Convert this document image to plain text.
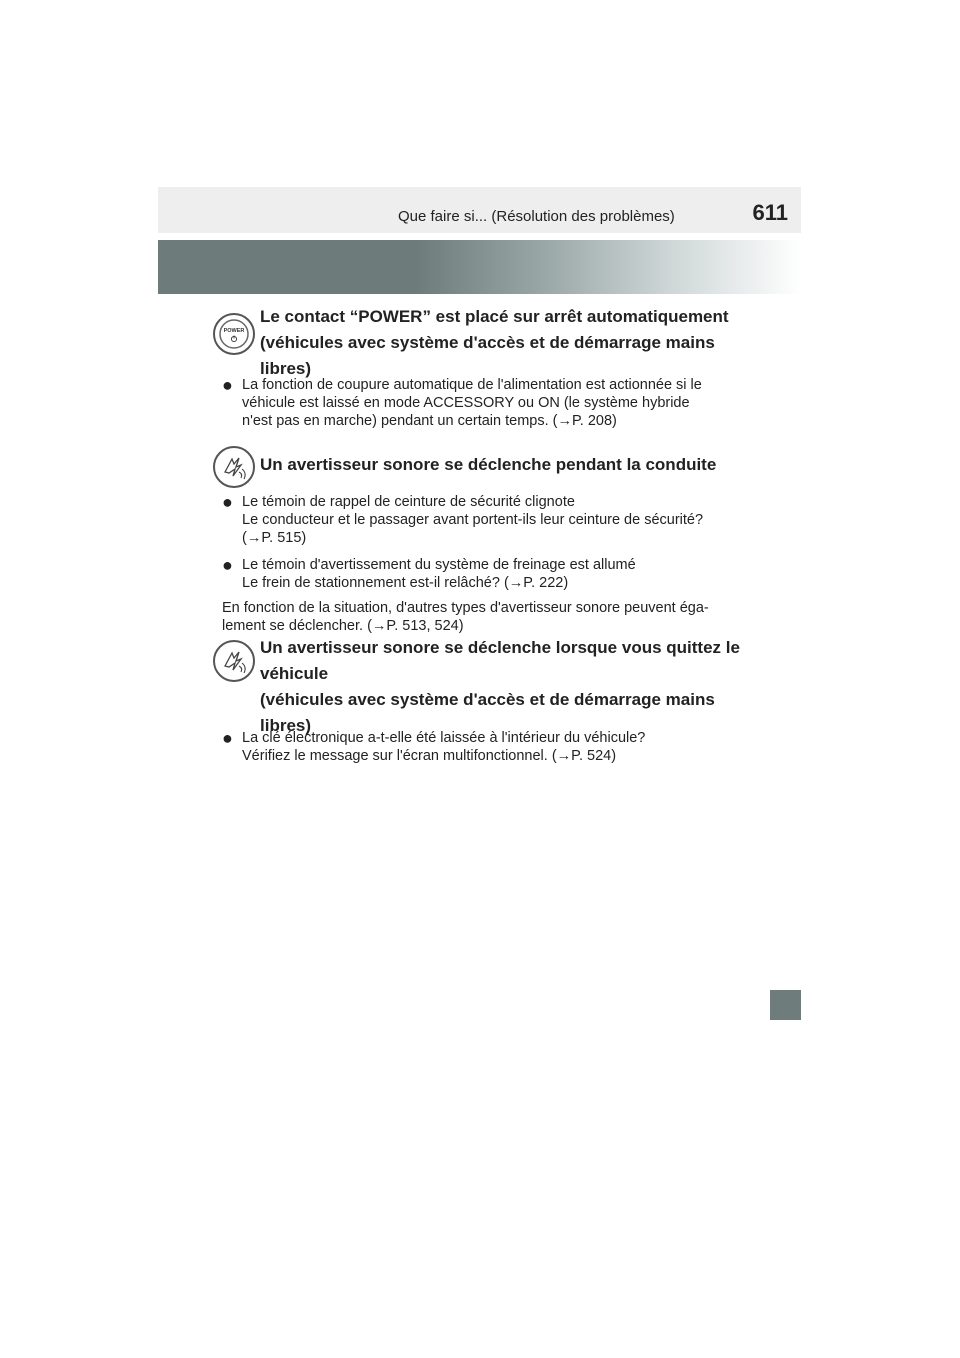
Que faire si... (Résolution des problèmes)	611
POWER
Le contact “POWER” est placé sur arrêt automatiquement
(véhicules avec système d'accès et de démarrage mains
libres)
● La fonction de coupure automatique de l'alimentation est actionnée si le
véhicule est laissé en mode ACCESSORY ou ON (le système hybride
n'est pas en marche) pendant un certain temps. (→P. 208)
Un avertisseur sonore se déclenche pendant la conduite
● Le témoin de rappel de ceinture de sécurité clignote
Le conducteur et le passager avant portent-ils leur ceinture de sécurité?
(→P. 515)
● Le témoin d'avertissement du système de freinage est allumé
Le frein de stationnement est-il relâché? (→P. 222)
En fonction de la situation, d'autres types d'avertisseur sonore peuvent éga-
lement se déclencher. (→P. 513, 524)
Un avertisseur sonore se déclenche lorsque vous quittez le
véhicule
(véhicules avec système d'accès et de démarrage mains
libres)
● La clé électronique a-t-elle été laissée à l'intérieur du véhicule?
Vérifiez le message sur l'écran multifonctionnel. (→P. 524)
